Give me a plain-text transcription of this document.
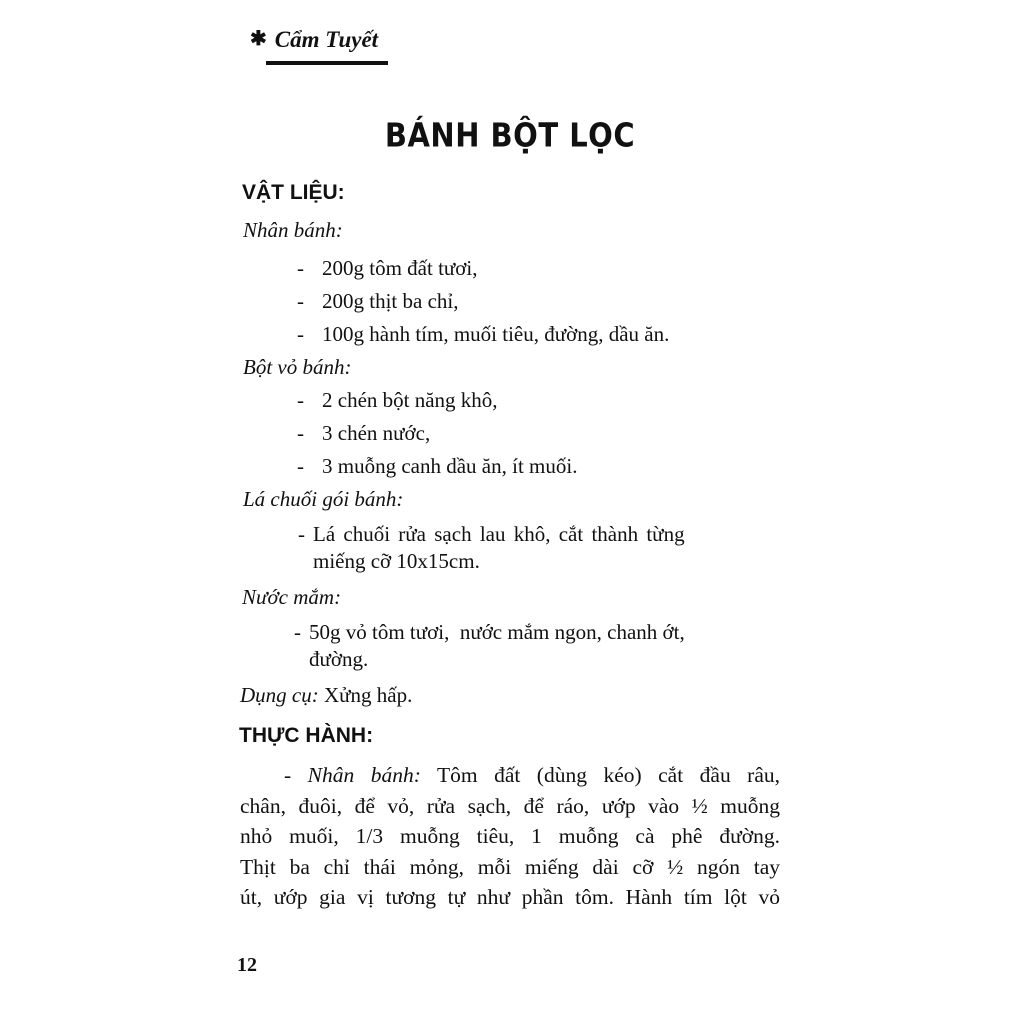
✱ Cẩm Tuyết
BÁNH BỘT LỌC
VẬT LIỆU:
Nhân bánh:
- 200g tôm đất tươi,
- 200g thịt ba chỉ,
- 100g hành tím, muối tiêu, đường, dầu ăn.
Bột vỏ bánh:
- 2 chén bột năng khô,
- 3 chén nước,
- 3 muỗng canh dầu ăn, ít muối.
Lá chuối gói bánh:
- Lá chuối rửa sạch lau khô, cắt thành từng
miếng cỡ 10x15cm.
Nước mắm:
- 50g vỏ tôm tươi,  nước mắm ngon, chanh ớt,
đường.
Dụng cụ: Xửng hấp.
THỰC HÀNH:
- Nhân bánh: Tôm đất (dùng kéo) cắt đầu râu,
chân, đuôi, để vỏ, rửa sạch, để ráo, ướp vào ½ muỗng
nhỏ muối, 1/3 muỗng tiêu, 1 muỗng cà phê đường.
Thịt ba chỉ thái mỏng, mỗi miếng dài cỡ ½ ngón tay
út, ướp gia vị tương tự như phần tôm. Hành tím lột vỏ
12
